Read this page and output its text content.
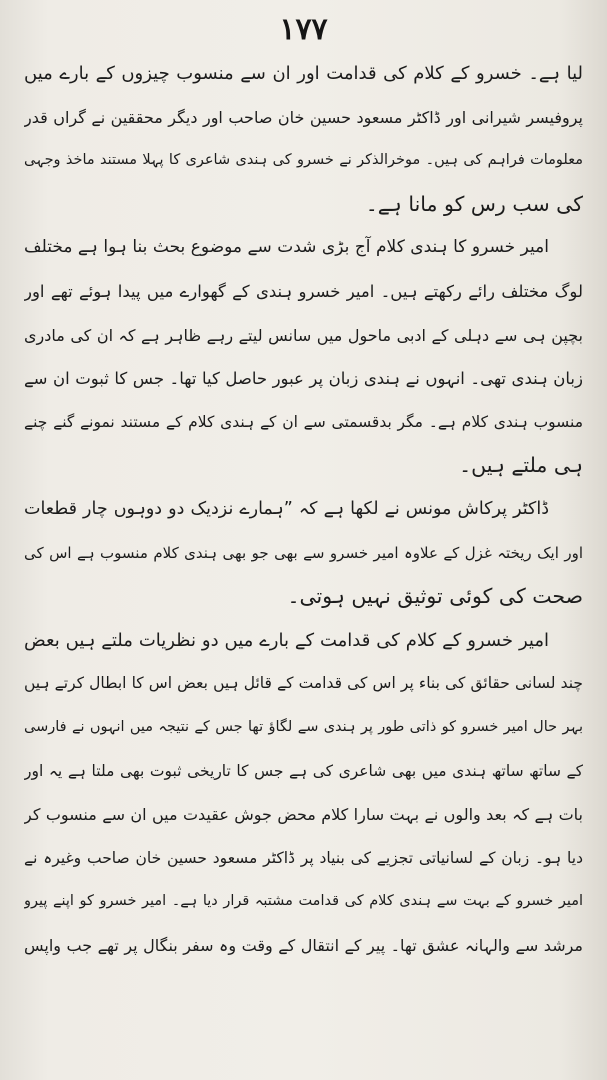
۱۷۷
لیا ہے۔ خسرو کے کلام کی قدامت اور ان سے منسوب چیزوں کے بارے میں
پروفیسر شیرانی اور ڈاکٹر مسعود حسین خان صاحب اور دیگر محققین نے گراں قدر
معلومات فراہم کی ہیں۔ موخرالذکر نے خسرو کی ہندی شاعری کا پہلا مستند ماخذ وجہی
کی سب رس کو مانا ہے۔
امیر خسرو کا ہندی کلام آج بڑی شدت سے موضوع بحث بنا ہوا ہے مختلف
لوگ مختلف رائے رکھتے ہیں۔ امیر خسرو ہندی کے گھوارے میں پیدا ہوئے تھے اور
بچپن ہی سے دہلی کے ادبی ماحول میں سانس لیتے رہے ظاہر ہے کہ ان کی مادری
زبان ہندی تھی۔ انہوں نے ہندی زبان پر عبور حاصل کیا تھا۔ جس کا ثبوت ان سے
منسوب ہندی کلام ہے۔ مگر بدقسمتی سے ان کے ہندی کلام کے مستند نمونے گنے چنے
ہی ملتے ہیں۔
ڈاکٹر پرکاش مونس نے لکھا ہے کہ ”ہمارے نزدیک دو دوہوں چار قطعات
اور ایک ریختہ غزل کے علاوہ امیر خسرو سے بھی جو بھی ہندی کلام منسوب ہے اس کی
صحت کی کوئی توثیق نہیں ہوتی۔
امیر خسرو کے کلام کی قدامت کے بارے میں دو نظریات ملتے ہیں بعض
چند لسانی حقائق کی بناء پر اس کی قدامت کے قائل ہیں بعض اس کا ابطال کرتے ہیں
بہر حال امیر خسرو کو ذاتی طور پر ہندی سے لگاؤ تھا جس کے نتیجہ میں انہوں نے فارسی
کے ساتھ ساتھ ہندی میں بھی شاعری کی ہے جس کا تاریخی ثبوت بھی ملتا ہے یہ اور
بات ہے کہ بعد والوں نے بہت سارا کلام محض جوش عقیدت میں ان سے منسوب کر
دیا ہو۔ زبان کے لسانیاتی تجزیے کی بنیاد پر ڈاکٹر مسعود حسین خان صاحب وغیرہ نے
امیر خسرو کے بہت سے ہندی کلام کی قدامت مشتبہ قرار دیا ہے۔ امیر خسرو کو اپنے پیرو
مرشد سے والہانہ عشق تھا۔ پیر کے انتقال کے وقت وہ سفر بنگال پر تھے جب واپس
